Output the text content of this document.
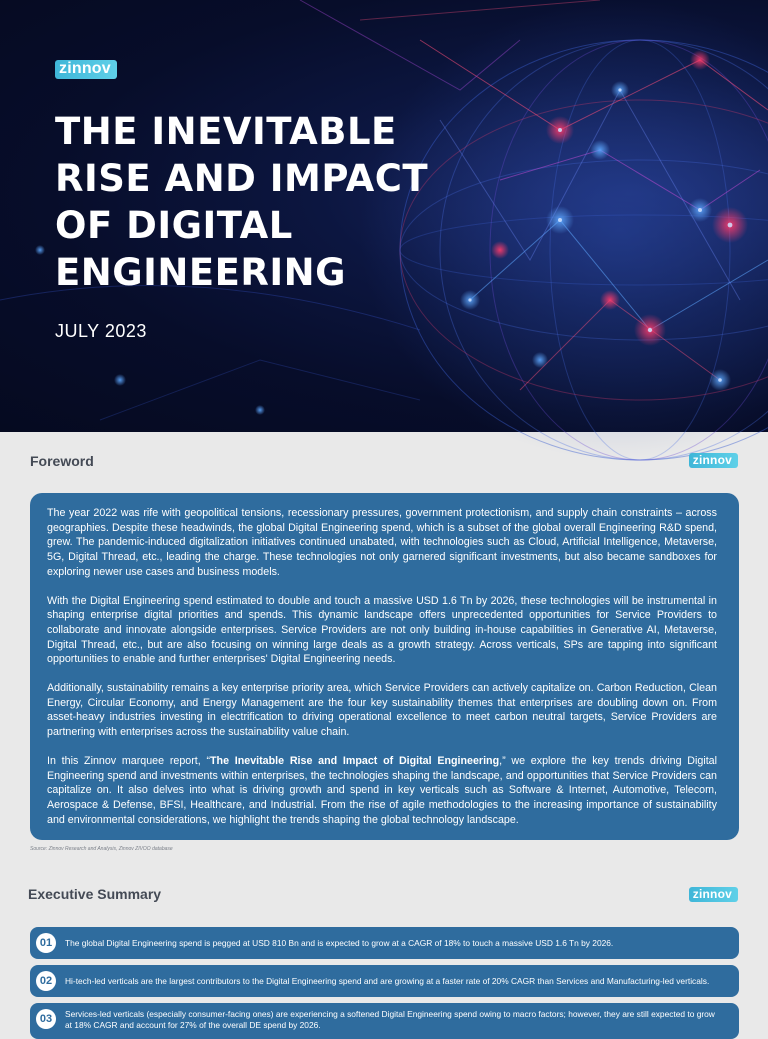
zinnov
THE INEVITABLE
RISE AND IMPACT
OF DIGITAL
ENGINEERING
JULY 2023
Foreword	zinnov

The year 2022 was rife with geopolitical tensions, recessionary pressures, government protectionism, and supply chain constraints – across geographies. Despite these headwinds, the global Digital Engineering spend, which is a subset of the global overall Engineering R&D spend, grew. The pandemic-induced digitalization initiatives continued unabated, with technologies such as Cloud, Artificial Intelligence, Metaverse, 5G, Digital Thread, etc., leading the charge. These technologies not only garnered significant investments, but also became sandboxes for exploring newer use cases and business models.

With the Digital Engineering spend estimated to double and touch a massive USD 1.6 Tn by 2026, these technologies will be instrumental in shaping enterprise digital priorities and spends. This dynamic landscape offers unprecedented opportunities for Service Providers to collaborate and innovate alongside enterprises. Service Providers are not only building in-house capabilities in Generative AI, Metaverse, Digital Thread, etc., but are also focusing on winning large deals as a growth strategy. Across verticals, SPs are tapping into significant opportunities to enable and further enterprises' Digital Engineering needs.

Additionally, sustainability remains a key enterprise priority area, which Service Providers can actively capitalize on. Carbon Reduction, Clean Energy, Circular Economy, and Energy Management are the four key sustainability themes that enterprises are doubling down on. From asset-heavy industries investing in electrification to driving operational excellence to meet carbon neutral targets, Service Providers are partnering with enterprises across the sustainability value chain.

In this Zinnov marquee report, “The Inevitable Rise and Impact of Digital Engineering,” we explore the key trends driving Digital Engineering spend and investments within enterprises, the technologies shaping the landscape, and opportunities that Service Providers can capitalize on. It also delves into what is driving growth and spend in key verticals such as Software & Internet, Automotive, Telecom, Aerospace & Defense, BFSI, Healthcare, and Industrial. From the rise of agile methodologies to the increasing importance of sustainability and environmental considerations, we highlight the trends shaping the global technology landscape.

Source: Zinnov Research and Analysis, Zinnov ZIVOO database
Executive Summary	zinnov
01	The global Digital Engineering spend is pegged at USD 810 Bn and is expected to grow at a CAGR of 18% to touch a massive USD 1.6 Tn by 2026.
02	Hi-tech-led verticals are the largest contributors to the Digital Engineering spend and are growing at a faster rate of 20% CAGR than Services and Manufacturing-led verticals.
03	Services-led verticals (especially consumer-facing ones) are experiencing a softened Digital Engineering spend owing to macro factors; however, they are still expected to grow at 18% CAGR and account for 27% of the overall DE spend by 2026.
